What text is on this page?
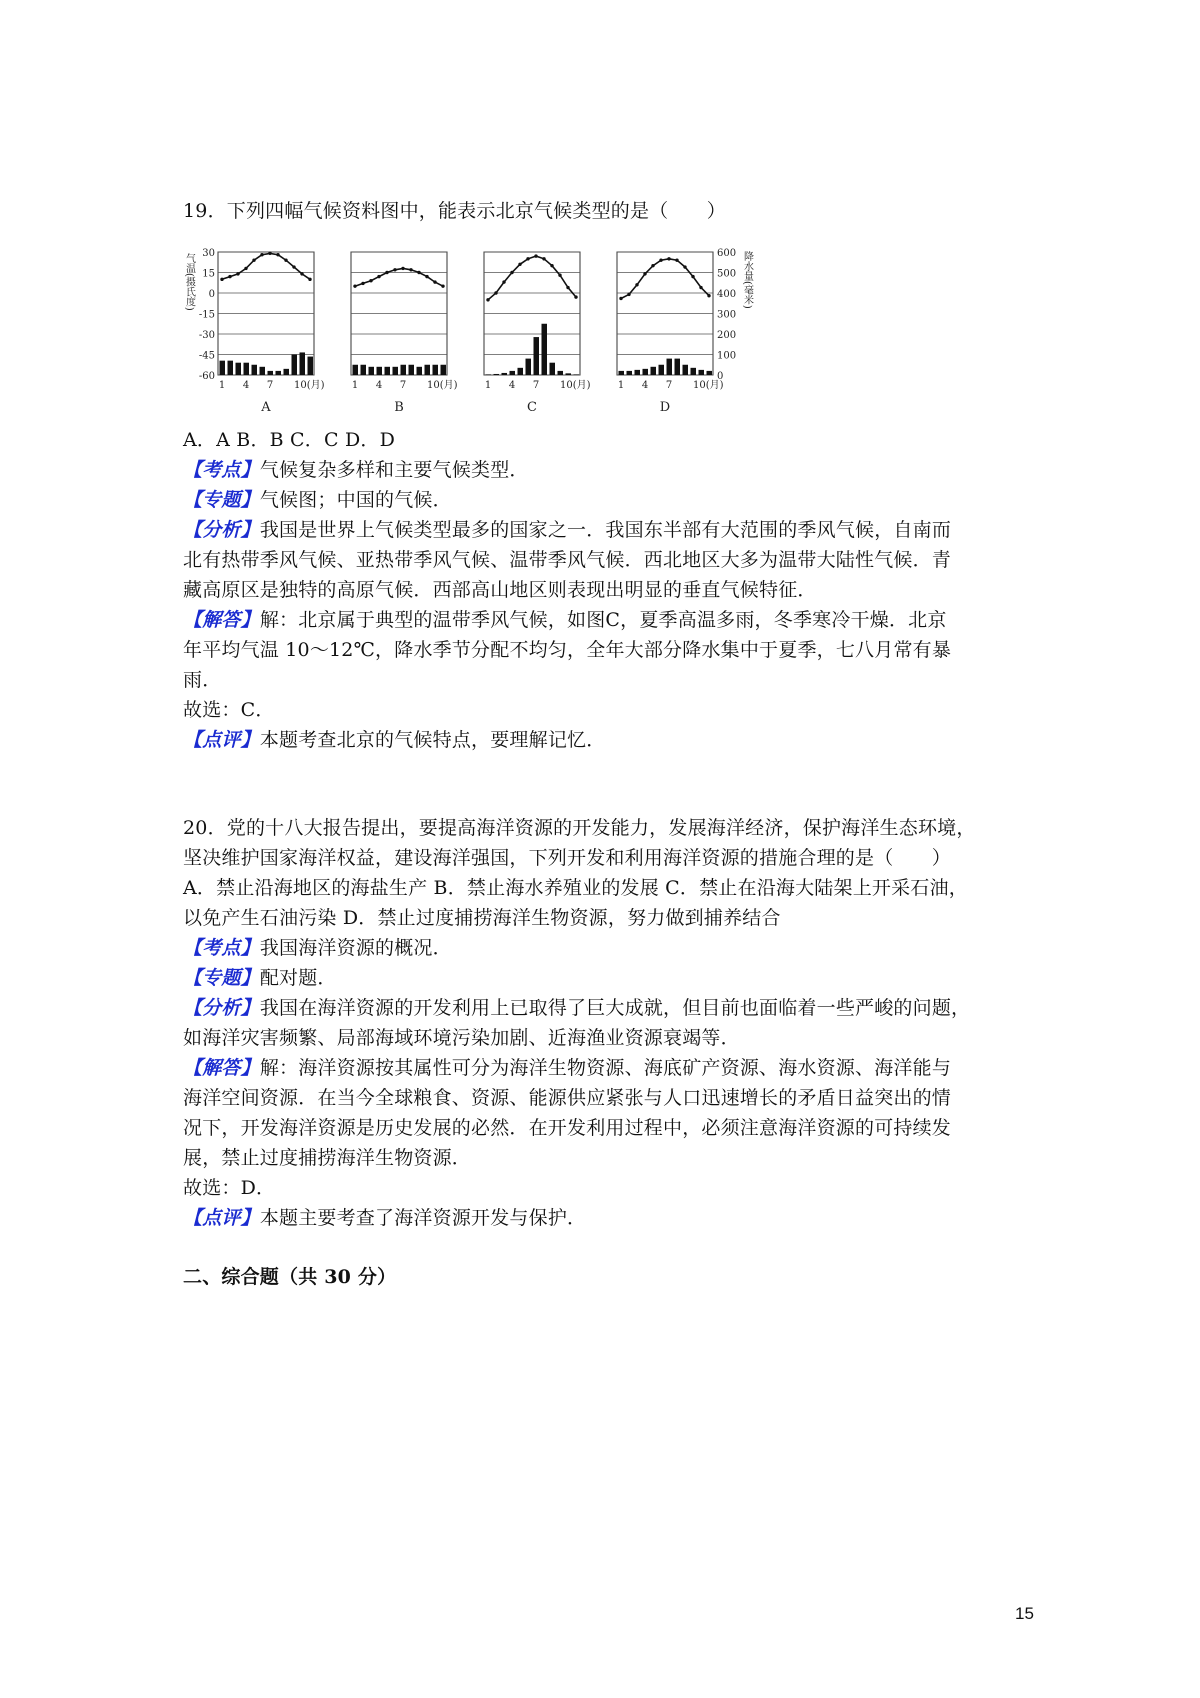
19．下列四幅气候资料图中，能表示北京气候类型的是（　　）
气温(摄氏度) 30
15
0
-15
-30
-45
-60
600
500
400
300
200
100
0
降水量(毫米)
1 4 7 10(月)
A
1 4 7 10(月)
B
1 4 7 10(月)
C
1 4 7 10(月)
D
A．A B．B C．C D．D
【考点】气候复杂多样和主要气候类型．
【专题】气候图；中国的气候．
【分析】我国是世界上气候类型最多的国家之一．我国东半部有大范围的季风气候，自南而
北有热带季风气候、亚热带季风气候、温带季风气候．西北地区大多为温带大陆性气候．青
藏高原区是独特的高原气候．西部高山地区则表现出明显的垂直气候特征．
【解答】解：北京属于典型的温带季风气候，如图C，夏季高温多雨，冬季寒冷干燥．北京
年平均气温 10～12℃，降水季节分配不均匀，全年大部分降水集中于夏季，七八月常有暴
雨．
故选：C．
【点评】本题考查北京的气候特点，要理解记忆．
20．党的十八大报告提出，要提高海洋资源的开发能力，发展海洋经济，保护海洋生态环境，
坚决维护国家海洋权益，建设海洋强国，下列开发和利用海洋资源的措施合理的是（　　）
A．禁止沿海地区的海盐生产 B．禁止海水养殖业的发展 C．禁止在沿海大陆架上开采石油，
以免产生石油污染 D．禁止过度捕捞海洋生物资源，努力做到捕养结合
【考点】我国海洋资源的概况．
【专题】配对题．
【分析】我国在海洋资源的开发利用上已取得了巨大成就，但目前也面临着一些严峻的问题，
如海洋灾害频繁、局部海域环境污染加剧、近海渔业资源衰竭等．
【解答】解：海洋资源按其属性可分为海洋生物资源、海底矿产资源、海水资源、海洋能与
海洋空间资源．在当今全球粮食、资源、能源供应紧张与人口迅速增长的矛盾日益突出的情
况下，开发海洋资源是历史发展的必然．在开发利用过程中，必须注意海洋资源的可持续发
展，禁止过度捕捞海洋生物资源．
故选：D．
【点评】本题主要考查了海洋资源开发与保护．
二、综合题（共 30 分）
15
